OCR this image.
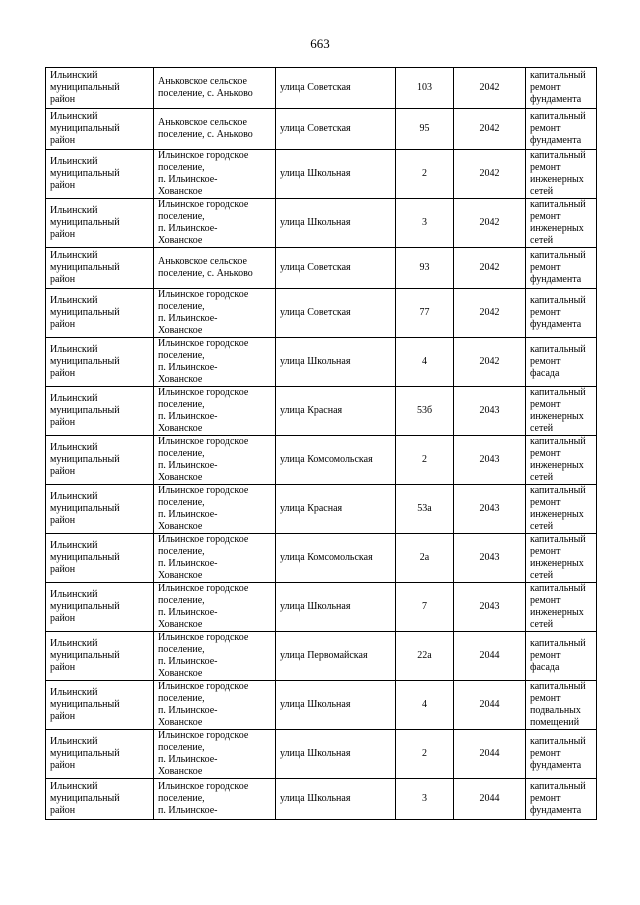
663
Ильинский
муниципальный
район	Аньковское сельское
поселение, с. Аньково	улица Советская	103	2042	капитальный
ремонт
фундамента
Ильинский
муниципальный
район	Аньковское сельское
поселение, с. Аньково	улица Советская	95	2042	капитальный
ремонт
фундамента
Ильинский
муниципальный
район	Ильинское городское
поселение,
п. Ильинское-
Хованское	улица Школьная	2	2042	капитальный
ремонт
инженерных
сетей
Ильинский
муниципальный
район	Ильинское городское
поселение,
п. Ильинское-
Хованское	улица Школьная	3	2042	капитальный
ремонт
инженерных
сетей
Ильинский
муниципальный
район	Аньковское сельское
поселение, с. Аньково	улица Советская	93	2042	капитальный
ремонт
фундамента
Ильинский
муниципальный
район	Ильинское городское
поселение,
п. Ильинское-
Хованское	улица Советская	77	2042	капитальный
ремонт
фундамента
Ильинский
муниципальный
район	Ильинское городское
поселение,
п. Ильинское-
Хованское	улица Школьная	4	2042	капитальный
ремонт фасада
Ильинский
муниципальный
район	Ильинское городское
поселение,
п. Ильинское-
Хованское	улица Красная	53б	2043	капитальный
ремонт
инженерных
сетей
Ильинский
муниципальный
район	Ильинское городское
поселение,
п. Ильинское-
Хованское	улица Комсомольская	2	2043	капитальный
ремонт
инженерных
сетей
Ильинский
муниципальный
район	Ильинское городское
поселение,
п. Ильинское-
Хованское	улица Красная	53а	2043	капитальный
ремонт
инженерных
сетей
Ильинский
муниципальный
район	Ильинское городское
поселение,
п. Ильинское-
Хованское	улица Комсомольская	2а	2043	капитальный
ремонт
инженерных
сетей
Ильинский
муниципальный
район	Ильинское городское
поселение,
п. Ильинское-
Хованское	улица Школьная	7	2043	капитальный
ремонт
инженерных
сетей
Ильинский
муниципальный
район	Ильинское городское
поселение,
п. Ильинское-
Хованское	улица Первомайская	22а	2044	капитальный
ремонт фасада
Ильинский
муниципальный
район	Ильинское городское
поселение,
п. Ильинское-
Хованское	улица Школьная	4	2044	капитальный
ремонт
подвальных
помещений
Ильинский
муниципальный
район	Ильинское городское
поселение,
п. Ильинское-
Хованское	улица Школьная	2	2044	капитальный
ремонт
фундамента
Ильинский
муниципальный
район	Ильинское городское
поселение,
п. Ильинское-	улица Школьная	3	2044	капитальный
ремонт
фундамента
